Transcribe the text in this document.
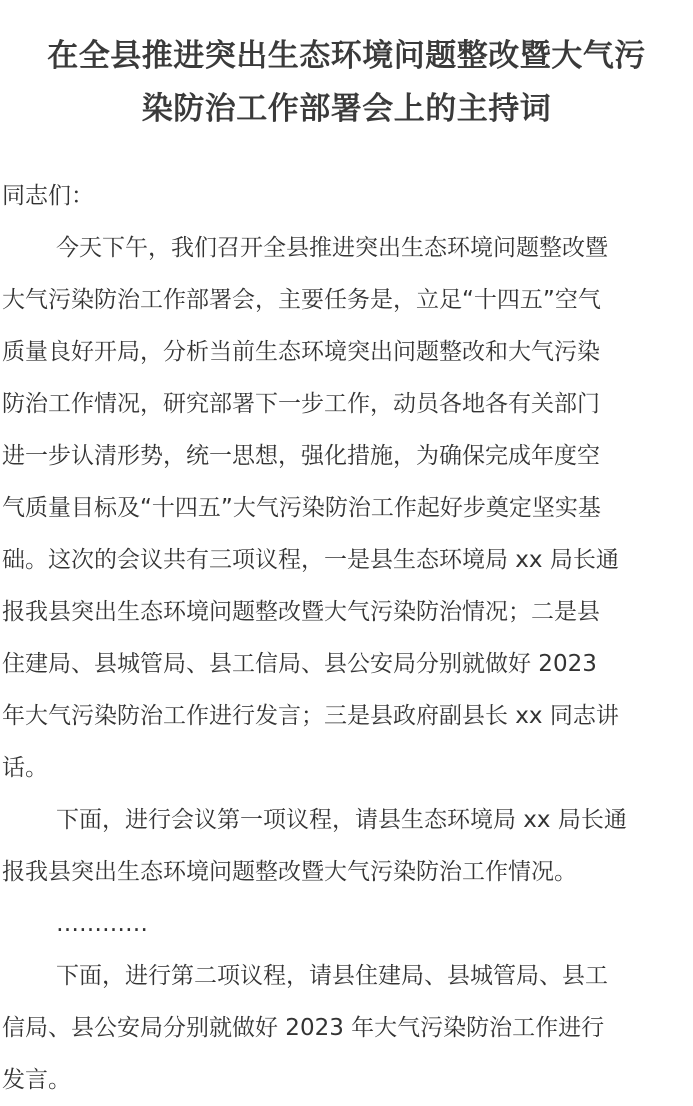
在全县推进突出生态环境问题整改暨大气污
染防治工作部署会上的主持词
同志们：
今天下午，我们召开全县推进突出生态环境问题整改暨
大气污染防治工作部署会，主要任务是，立足“十四五”空气
质量良好开局，分析当前生态环境突出问题整改和大气污染
防治工作情况，研究部署下一步工作，动员各地各有关部门
进一步认清形势，统一思想，强化措施，为确保完成年度空
气质量目标及“十四五”大气污染防治工作起好步奠定坚实基
础。这次的会议共有三项议程，一是县生态环境局 xx 局长通
报我县突出生态环境问题整改暨大气污染防治情况；二是县
住建局、县城管局、县工信局、县公安局分别就做好 2023
年大气污染防治工作进行发言；三是县政府副县长 xx 同志讲
话。
下面，进行会议第一项议程，请县生态环境局 xx 局长通
报我县突出生态环境问题整改暨大气污染防治工作情况。
…………
下面，进行第二项议程，请县住建局、县城管局、县工
信局、县公安局分别就做好 2023 年大气污染防治工作进行
发言。
